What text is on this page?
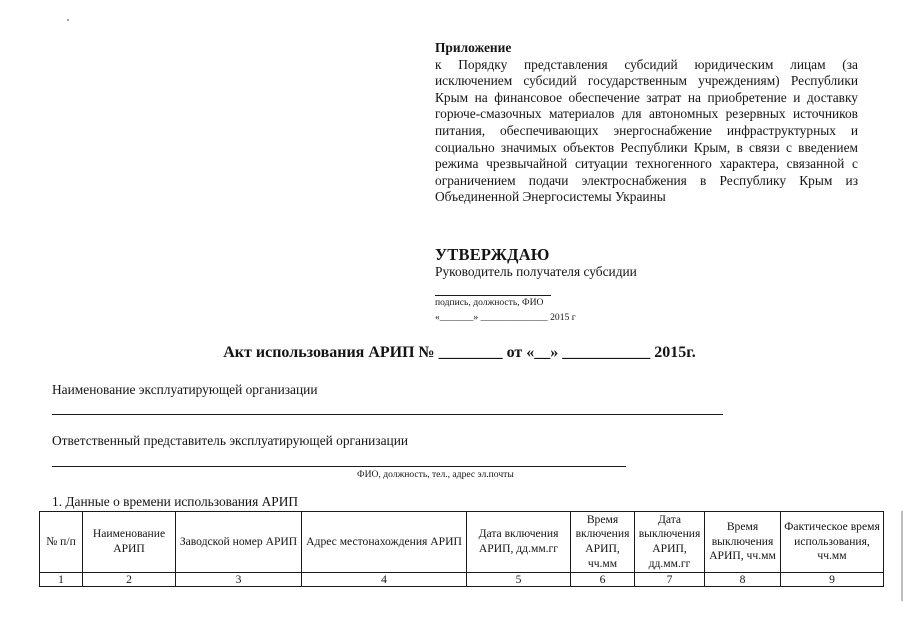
Приложение
к Порядку представления субсидий юридическим лицам (за исключением субсидий государственным учреждениям) Республики Крым на финансовое обеспечение затрат на приобретение и доставку горюче-смазочных материалов для автономных резервных источников питания, обеспечивающих энергоснабжение инфраструктурных и социально значимых объектов Республики Крым, в связи с введением режима чрезвычайной ситуации техногенного характера, связанной с ограничением подачи электроснабжения в Республику Крым из Объединенной Энергосистемы Украины
УТВЕРЖДАЮ
Руководитель получателя субсидии
подпись, должность, ФИО
«_______» ______________ 2015 г
Акт использования АРИП № ________ от «__» ___________ 2015г.
Наименование эксплуатирующей организации
Ответственный представитель эксплуатирующей организации
ФИО, должность, тел., адрес эл.почты
1. Данные о времени использования АРИП
№ п/п	Наименование АРИП	Заводской номер АРИП	Адрес местонахождения АРИП	Дата включения АРИП, дд.мм.гг	Время включения АРИП, чч.мм	Дата выключения АРИП, дд.мм.гг	Время выключения АРИП, чч.мм	Фактическое время использования, чч.мм
1	2	3	4	5	6	7	8	9
